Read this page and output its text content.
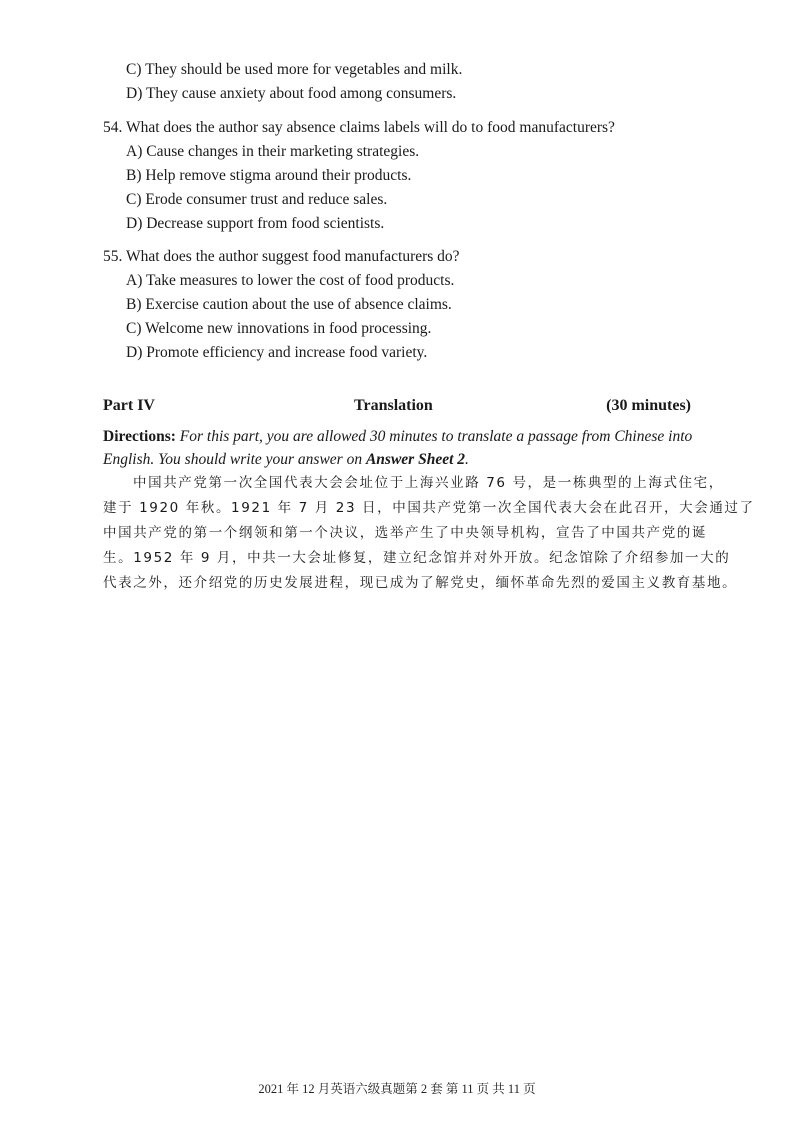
C) They should be used more for vegetables and milk.
D) They cause anxiety about food among consumers.
54. What does the author say absence claims labels will do to food manufacturers?
A) Cause changes in their marketing strategies.
B) Help remove stigma around their products.
C) Erode consumer trust and reduce sales.
D) Decrease support from food scientists.
55. What does the author suggest food manufacturers do?
A) Take measures to lower the cost of food products.
B) Exercise caution about the use of absence claims.
C) Welcome new innovations in food processing.
D) Promote efficiency and increase food variety.
Part IV	Translation	(30 minutes)
Directions: For this part, you are allowed 30 minutes to translate a passage from Chinese into English. You should write your answer on Answer Sheet 2.
中国共产党第一次全国代表大会会址位于上海兴业路 76 号，是一栋典型的上海式住宅，
建于 1920 年秋。1921 年 7 月 23 日，中国共产党第一次全国代表大会在此召开，大会通过了
中国共产党的第一个纲领和第一个决议，选举产生了中央领导机构，宣告了中国共产党的诞
生。1952 年 9 月，中共一大会址修复，建立纪念馆并对外开放。纪念馆除了介绍参加一大的
代表之外，还介绍党的历史发展进程，现已成为了解党史，缅怀革命先烈的爱国主义教育基地。
2021 年 12 月英语六级真题第 2 套 第 11 页 共 11 页
